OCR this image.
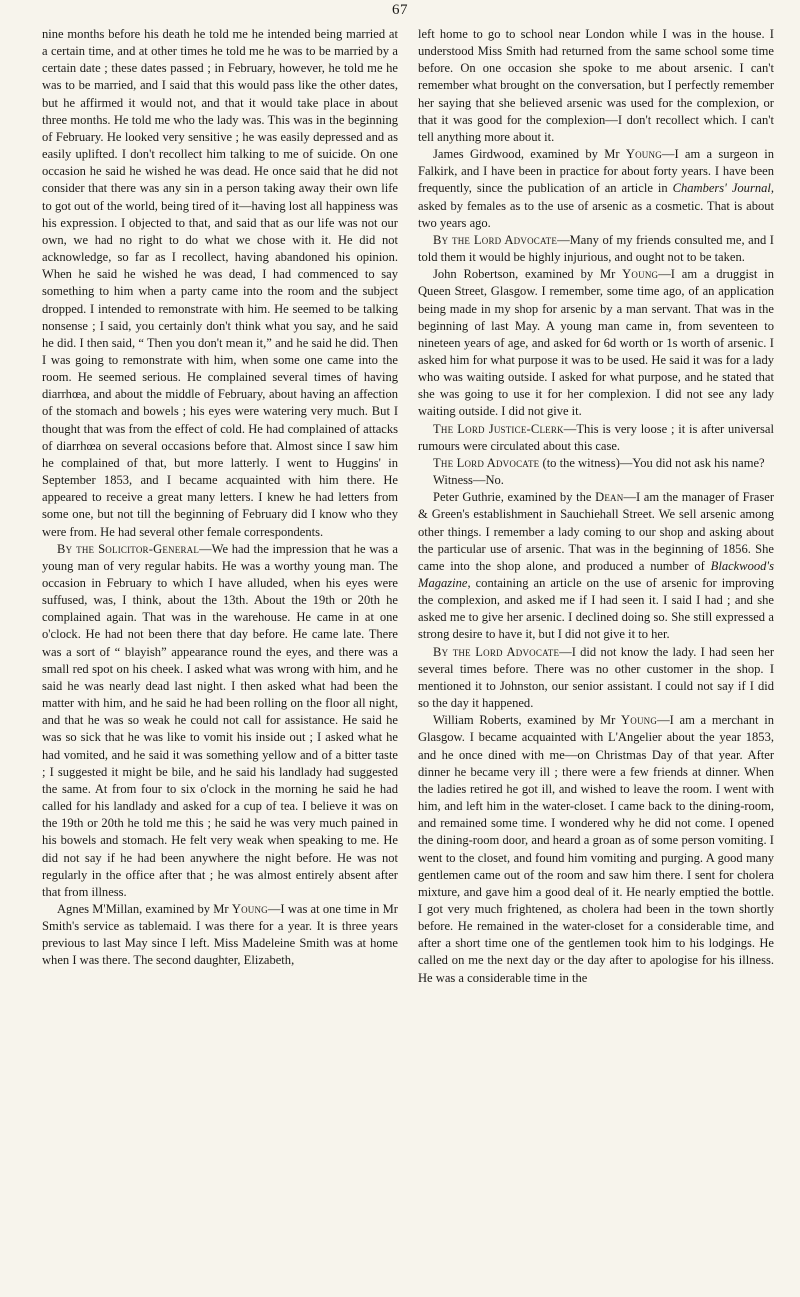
67

nine months before his death he told me he intended being married at a certain time, and at other times he told me he was to be married by a certain date ; these dates passed ; in February, however, he told me he was to be married, and I said that this would pass like the other dates, but he affirmed it would not, and that it would take place in about three months. He told me who the lady was. This was in the beginning of February. He looked very sensitive ; he was easily depressed and as easily uplifted. I don't recollect him talking to me of suicide. On one occasion he said he wished he was dead. He once said that he did not consider that there was any sin in a person taking away their own life to got out of the world, being tired of it—having lost all happiness was his expression. I objected to that, and said that as our life was not our own, we had no right to do what we chose with it. He did not acknowledge, so far as I recollect, having abandoned his opinion. When he said he wished he was dead, I had commenced to say something to him when a party came into the room and the subject dropped. I intended to remonstrate with him. He seemed to be talking nonsense ; I said, you certainly don't think what you say, and he said he did. I then said, “ Then you don't mean it,” and he said he did. Then I was going to remonstrate with him, when some one came into the room. He seemed serious. He complained several times of having diarrhœa, and about the middle of February, about having an affection of the stomach and bowels ; his eyes were watering very much. But I thought that was from the effect of cold. He had complained of attacks of diarrhœa on several occasions before that. Almost since I saw him he complained of that, but more latterly. I went to Huggins' in September 1853, and I became acquainted with him there. He appeared to receive a great many letters. I knew he had letters from some one, but not till the beginning of February did I know who they were from. He had several other female correspondents.

By the Solicitor-General—We had the impression that he was a young man of very regular habits. He was a worthy young man. The occasion in February to which I have alluded, when his eyes were suffused, was, I think, about the 13th. About the 19th or 20th he complained again. That was in the warehouse. He came in at one o'clock. He had not been there that day before. He came late. There was a sort of “ blayish” appearance round the eyes, and there was a small red spot on his cheek. I asked what was wrong with him, and he said he was nearly dead last night. I then asked what had been the matter with him, and he said he had been rolling on the floor all night, and that he was so weak he could not call for assistance. He said he was so sick that he was like to vomit his inside out ; I asked what he had vomited, and he said it was something yellow and of a bitter taste ; I suggested it might be bile, and he said his landlady had suggested the same. At from four to six o'clock in the morning he said he had called for his landlady and asked for a cup of tea. I believe it was on the 19th or 20th he told me this ; he said he was very much pained in his bowels and stomach. He felt very weak when speaking to me. He did not say if he had been anywhere the night before. He was not regularly in the office after that ; he was almost entirely absent after that from illness.

Agnes M'Millan, examined by Mr Young—I was at one time in Mr Smith's service as tablemaid. I was there for a year. It is three years previous to last May since I left. Miss Madeleine Smith was at home when I was there. The second daughter, Elizabeth,

left home to go to school near London while I was in the house. I understood Miss Smith had returned from the same school some time before. On one occasion she spoke to me about arsenic. I can't remember what brought on the conversation, but I perfectly remember her saying that she believed arsenic was used for the complexion, or that it was good for the complexion—I don't recollect which. I can't tell anything more about it.

James Girdwood, examined by Mr Young—I am a surgeon in Falkirk, and I have been in practice for about forty years. I have been frequently, since the publication of an article in Chambers' Journal, asked by females as to the use of arsenic as a cosmetic. That is about two years ago.

By the Lord Advocate—Many of my friends consulted me, and I told them it would be highly injurious, and ought not to be taken.

John Robertson, examined by Mr Young—I am a druggist in Queen Street, Glasgow. I remember, some time ago, of an application being made in my shop for arsenic by a man servant. That was in the beginning of last May. A young man came in, from seventeen to nineteen years of age, and asked for 6d worth or 1s worth of arsenic. I asked him for what purpose it was to be used. He said it was for a lady who was waiting outside. I asked for what purpose, and he stated that she was going to use it for her complexion. I did not see any lady waiting outside. I did not give it.

The Lord Justice-Clerk—This is very loose ; it is after universal rumours were circulated about this case.

The Lord Advocate (to the witness)—You did not ask his name?

Witness—No.

Peter Guthrie, examined by the Dean—I am the manager of Fraser & Green's establishment in Sauchiehall Street. We sell arsenic among other things. I remember a lady coming to our shop and asking about the particular use of arsenic. That was in the beginning of 1856. She came into the shop alone, and produced a number of Blackwood's Magazine, containing an article on the use of arsenic for improving the complexion, and asked me if I had seen it. I said I had ; and she asked me to give her arsenic. I declined doing so. She still expressed a strong desire to have it, but I did not give it to her.

By the Lord Advocate—I did not know the lady. I had seen her several times before. There was no other customer in the shop. I mentioned it to Johnston, our senior assistant. I could not say if I did so the day it happened.

William Roberts, examined by Mr Young—I am a merchant in Glasgow. I became acquainted with L'Angelier about the year 1853, and he once dined with me—on Christmas Day of that year. After dinner he became very ill ; there were a few friends at dinner. When the ladies retired he got ill, and wished to leave the room. I went with him, and left him in the water-closet. I came back to the dining-room, and remained some time. I wondered why he did not come. I opened the dining-room door, and heard a groan as of some person vomiting. I went to the closet, and found him vomiting and purging. A good many gentlemen came out of the room and saw him there. I sent for cholera mixture, and gave him a good deal of it. He nearly emptied the bottle. I got very much frightened, as cholera had been in the town shortly before. He remained in the water-closet for a considerable time, and after a short time one of the gentlemen took him to his lodgings. He called on me the next day or the day after to apologise for his illness. He was a considerable time in the
